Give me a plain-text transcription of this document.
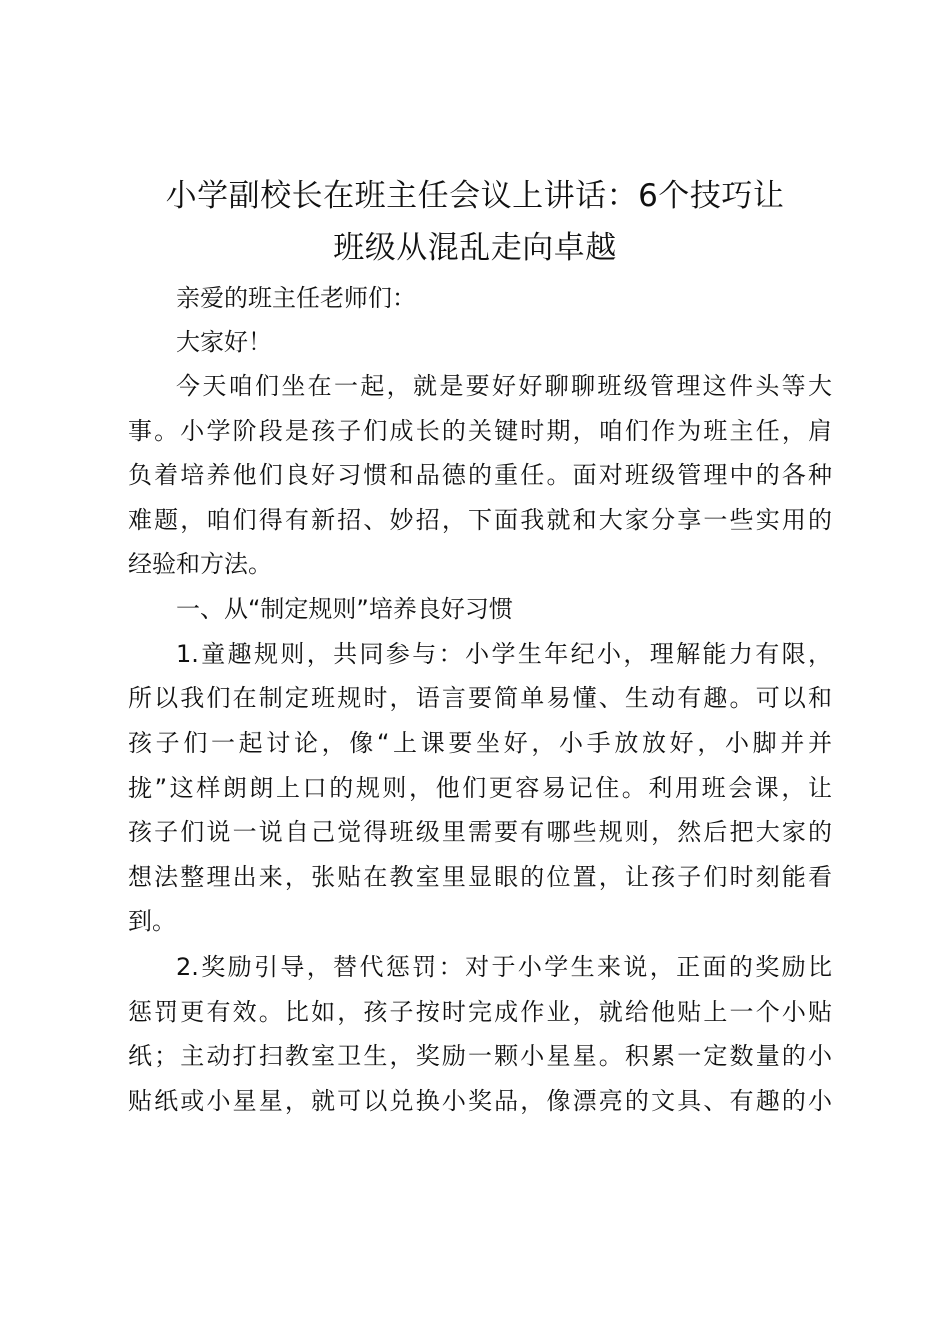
小学副校长在班主任会议上讲话：6个技巧让
班级从混乱走向卓越
亲爱的班主任老师们：
大家好！
今天咱们坐在一起，就是要好好聊聊班级管理这件头等大
事。小学阶段是孩子们成长的关键时期，咱们作为班主任，肩
负着培养他们良好习惯和品德的重任。面对班级管理中的各种
难题，咱们得有新招、妙招，下面我就和大家分享一些实用的
经验和方法。
一、从“制定规则”培养良好习惯
1.童趣规则，共同参与：小学生年纪小，理解能力有限，
所以我们在制定班规时，语言要简单易懂、生动有趣。可以和
孩子们一起讨论，像“上课要坐好，小手放放好，小脚并并
拢”这样朗朗上口的规则，他们更容易记住。利用班会课，让
孩子们说一说自己觉得班级里需要有哪些规则，然后把大家的
想法整理出来，张贴在教室里显眼的位置，让孩子们时刻能看
到。
2.奖励引导，替代惩罚：对于小学生来说，正面的奖励比
惩罚更有效。比如，孩子按时完成作业，就给他贴上一个小贴
纸；主动打扫教室卫生，奖励一颗小星星。积累一定数量的小
贴纸或小星星，就可以兑换小奖品，像漂亮的文具、有趣的小
